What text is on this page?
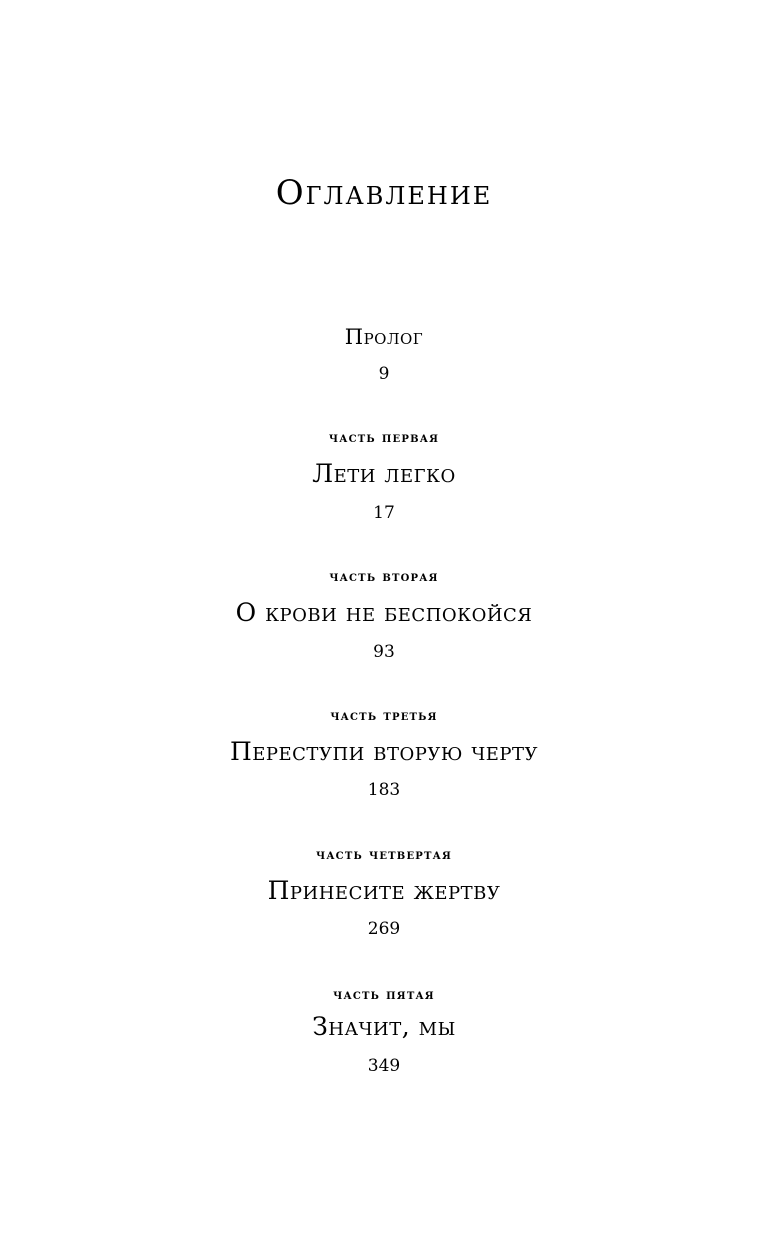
Оглавление
Пролог
9
часть первая
Лети легко
17
часть вторая
О крови не беспокойся
93
часть третья
Переступи вторую черту
183
часть четвертая
Принесите жертву
269
часть пятая
Значит, мы
349
